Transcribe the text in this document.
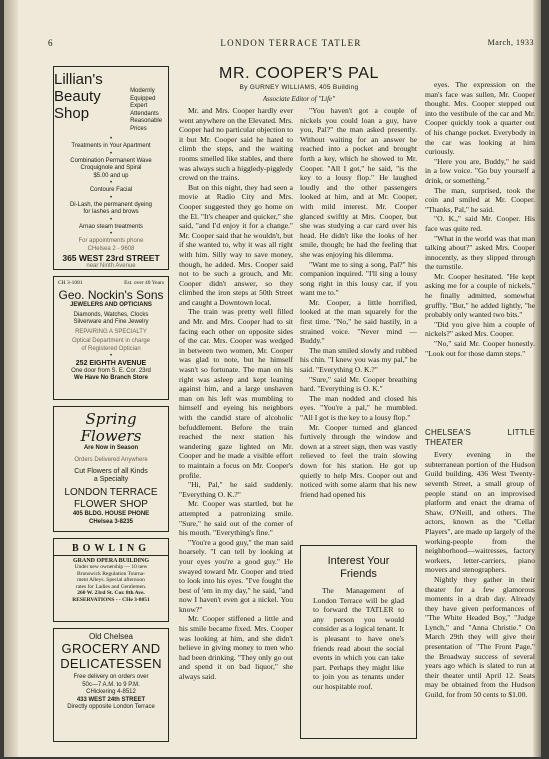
6	LONDON TERRACE TATLER	March, 1933
Lillian's Beauty
Shop
Modernly Equipped
Expert Attendants
Reasonable Prices
•
Treatments in Your Apartment
•
Combination Permanent Wave
Croquignole and Spiral
$5.00 and up
•
Contoure Facial
•
Di-Lash, the permanent dyeing
for lashes and brows
•
Arnao steam treatments
•
For appointments phone
CHelsea 2 - 9608
365 WEST 23rd STREET
near Ninth Avenue
CH 3-1081	Est. over 40 Years
Geo. Nockin's Sons
JEWELERS AND OPTICIANS
Diamonds, Watches, Clocks
Silverware and Fine Jewelry
REPAIRING A SPECIALTY
Optical Department in charge
of Registered Optician
•
252 EIGHTH AVENUE
One door from S. E. Cor. 23rd
We Have No Branch Store
Spring Flowers
Are Now in Season
Orders Delivered Anywhere
Cut Flowers of all Kinds
a Specialty
LONDON TERRACE
FLOWER SHOP
405 BLDG. HOUSE PHONE
CHelsea 3-8235
BOWLING
GRAND OPERA BUILDING
Under new ownership — 10 new
Brunswick Regulation Tourna-
ment Alleys. Special afternoon
rates for Ladies and Gentlemen.
260 W. 23rd St. Cor. 8th Ave.
RESERVATIONS - - CHe 3-8051
Old Chelsea
GROCERY AND
DELICATESSEN
Free delivery on orders over
50c—7 A.M. to 9 P.M.
CHickering 4-8512
433 WEST 24th STREET
Directly opposite London Terrace
MR. COOPER'S PAL
By GURNEY WILLIAMS, 405 Building
Associate Editor of "Life"

Mr. and Mrs. Cooper hardly ever went anywhere on the Elevated. Mrs. Cooper had no particular objection to it but Mr. Cooper said he hated to climb the steps, and the waiting rooms smelled like stables, and there was always such a higgledy-piggledy crowd on the trains.

But on this night, they had seen a movie at Radio City and Mrs. Cooper suggested they go home on the El. "It's cheaper and quicker," she said, "and I'd enjoy it for a change." Mr. Cooper said that he wouldn't, but if she wanted to, why it was all right with him. Silly way to save money, though, he added. Mrs. Cooper said not to be such a grouch, and Mr. Cooper didn't answer, so they climbed the iron steps at 50th Street and caught a Downtown local.

The train was pretty well filled and Mr. and Mrs. Cooper had to sit facing each other on opposite sides of the car. Mrs. Cooper was wedged in between two women, Mr. Cooper was glad to note, but he himself wasn't so fortunate. The man on his right was asleep and kept leaning against him, and a large unshaven man on his left was mumbling to himself and eyeing his neighbors with the candid stare of alcoholic befuddlement. Before the train reached the next station his wandering gaze lighted on Mr. Cooper and he made a visible effort to maintain a focus on Mr. Cooper's profile.

"Hi, Pal," he said suddenly. "Everything O. K.?"

Mr. Cooper was startled, but he attempted a patronizing smile. "Sure," he said out of the corner of his mouth. "Everything's fine."

"You're a good guy," the man said hoarsely. "I can tell by looking at your eyes you're a good guy." He swayed toward Mr. Cooper and tried to look into his eyes. "I've fought the best of 'em in my day," he said, "and now I haven't even got a nickel. You know?"

Mr. Cooper stiffened a little and his smile became fixed. Mrs. Cooper was looking at him, and she didn't believe in giving money to men who had been drinking. "They only go out and spend it on bad liquor," she always said.

"You haven't got a couple of nickels you could loan a guy, have you, Pal?" the man asked presently. Without waiting for an answer he reached into a pocket and brought forth a key, which he showed to Mr. Cooper. "All I got," he said, "is the key to a lousy flop." He laughed loudly and the other passengers looked at him, and at Mr. Cooper, with mild interest. Mr. Cooper glanced swiftly at Mrs. Cooper, but she was studying a car card over his head. He didn't like the looks of her smile, though; he had the feeling that she was enjoying his dilemma.

"Want me to sing a song, Pal?" his companion inquired. "I'll sing a lousy song right in this lousy car, if you want me to."

Mr. Cooper, a little horrified, looked at the man squarely for the first time. "No," he said hastily, in a strained voice. "Never mind — Buddy."

The man smiled slowly and rubbed his chin. "I knew you was my pal," he said. "Everything O. K.?"

"Sure," said Mr. Cooper breathing hard. "Everything is O. K."

The man nodded and closed his eyes. "You're a pal," he mumbled. "All I got is the key to a lousy flop."

Mr. Cooper turned and glanced furtively through the window and down at a street sign, then was vastly relieved to feel the train slowing down for his station. He got up quietly to help Mrs. Cooper out and noticed with some alarm that his new friend had opened his

eyes. The expression on the man's face was sullen, Mr. Cooper thought. Mrs. Cooper stepped out into the vestibule of the car and Mr. Cooper quickly took a quarter out of his change pocket. Everybody in the car was looking at him curiously.

"Here you are, Buddy," he said in a low voice. "Go buy yourself a drink, or something."

The man, surprised, took the coin and smiled at Mr. Cooper. "Thanks, Pal," he said.

"O. K.," said Mr. Cooper. His face was quite red.

"What in the world was that man talking about?" asked Mrs. Cooper innocently, as they slipped through the turnstile.

Mr. Cooper hesitated. "He kept asking me for a couple of nickels," he finally admitted, somewhat gruffly. "But," he added lightly, "he probably only wanted two bits."

"Did you give him a couple of nickels?" asked Mrs. Cooper.

"No," said Mr. Cooper honestly. "Look out for those damn steps."

CHELSEA'S LITTLE THEATER

Every evening in the subterranean portion of the Hudson Guild building, 436 West Twenty-seventh Street, a small group of people stand on an improvised platform and enact the drama of Shaw, O'Neill, and others. The actors, known as the "Cellar Players", are made up largely of the working-people from the neighborhood—waitresses, factory workers, letter-carriers, piano movers and stenographers.

Nightly they gather in their theater for a few glamorous moments in a drab day. Already they have given performances of "The White Headed Boy," "Judge Lynch," and "Anna Christie." On March 29th they will give their presentation of "The Front Page," the Broadway success of several years ago which is slated to run at their theater until April 12. Seats may be obtained from the Hudson Guild, for from 50 cents to $1.00.

Interest Your
Friends
The Management of London Terrace will be glad to forward the TATLER to any person you would consider as a logical tenant. It is pleasant to have one's friends read about the social events in which you can take part. Perhaps they might like to join you as tenants under our hospitable roof.
